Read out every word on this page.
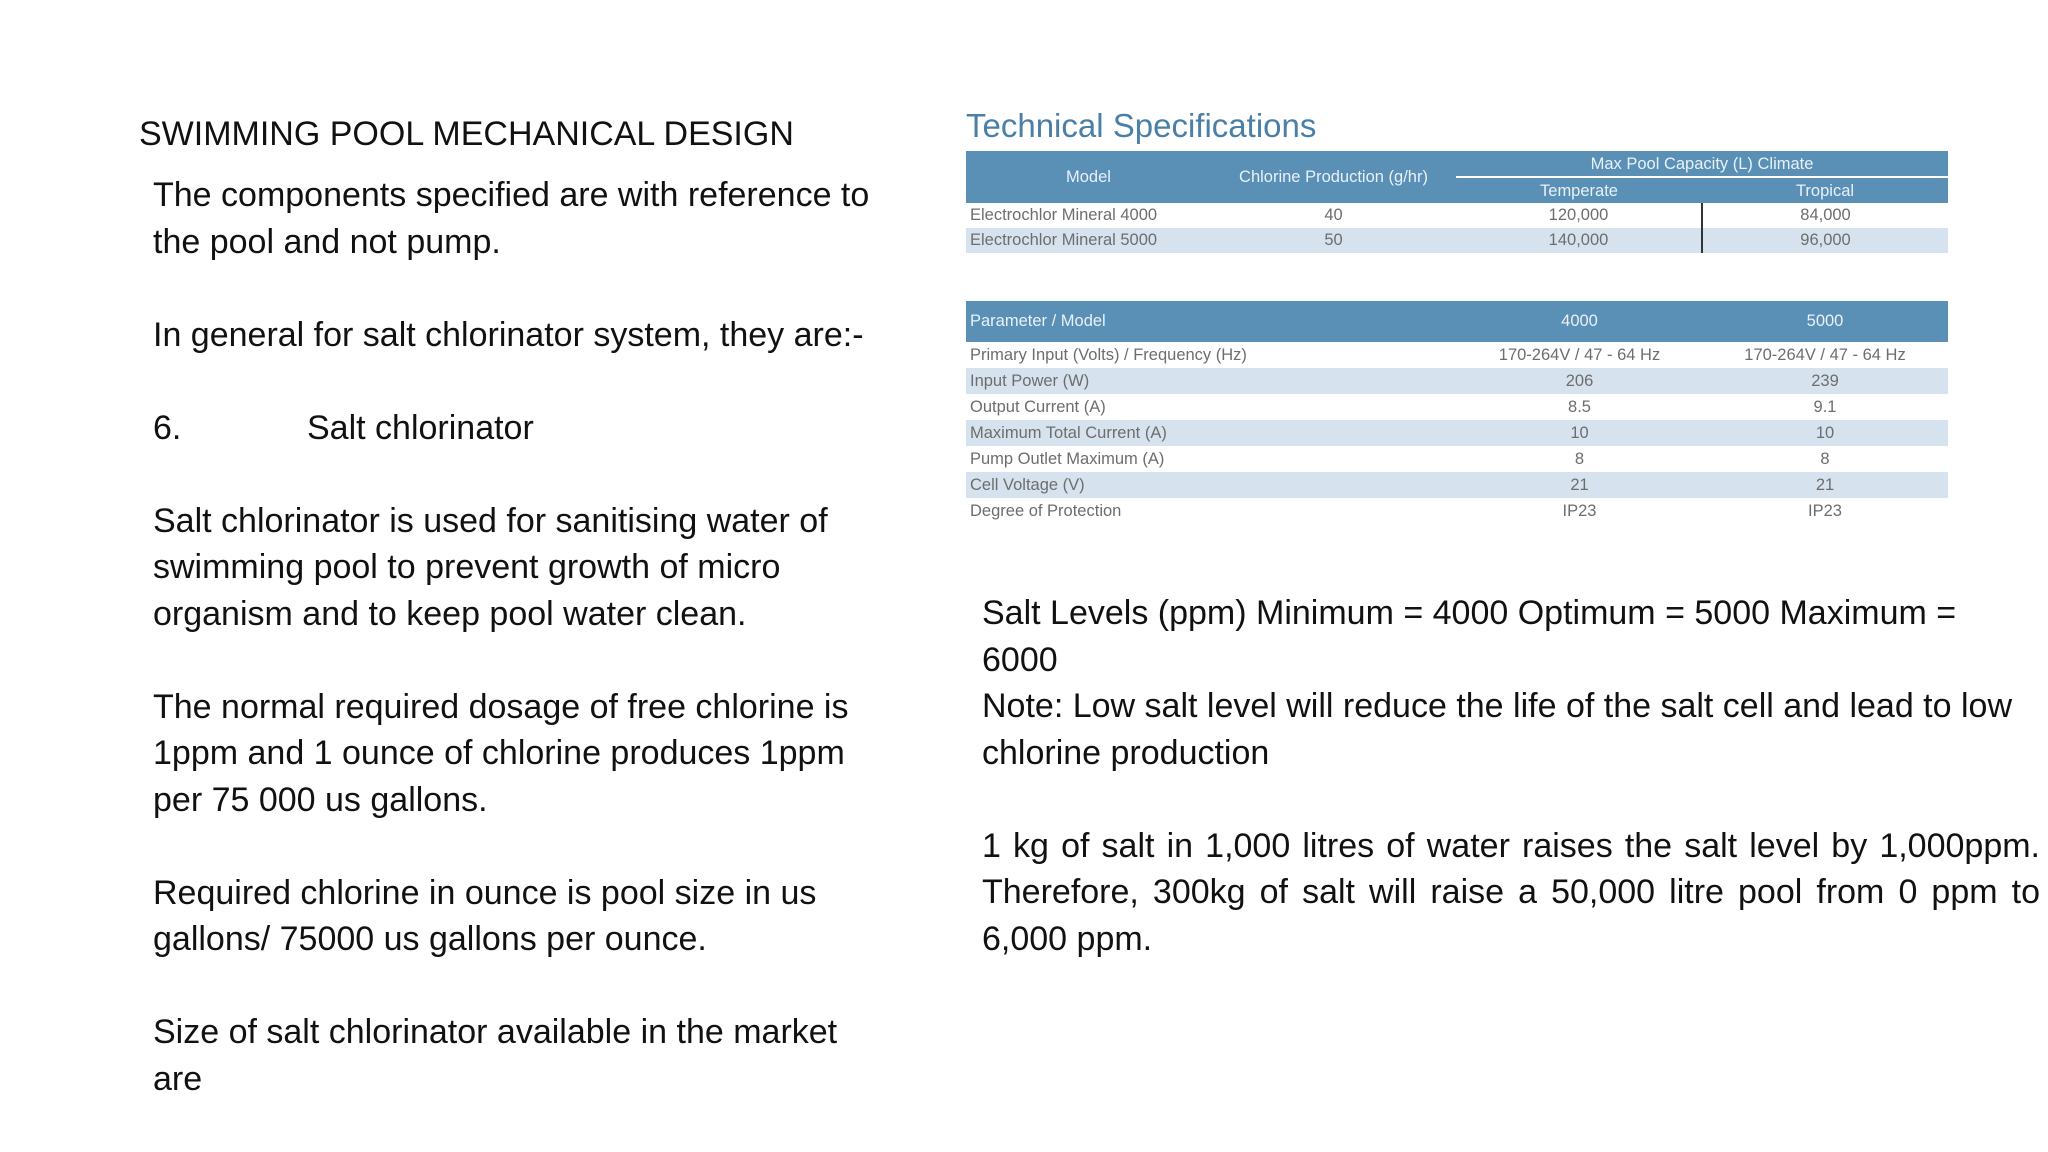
SWIMMING POOL MECHANICAL DESIGN

The components specified are with reference to the pool and not pump.

In general for salt chlorinator system, they are:-

6.	Salt chlorinator

Salt chlorinator is used for sanitising water of swimming pool to prevent growth of micro organism and to keep pool water clean.

The normal required dosage of free chlorine is 1ppm and 1 ounce of chlorine produces 1ppm per 75 000 us gallons.

Required chlorine in ounce is pool size in us gallons/ 75000 us gallons per ounce.

Size of salt chlorinator available in the market are

Technical Specifications
Model	Chlorine Production (g/hr)	Max Pool Capacity (L) Climate	
		Temperate	Tropical
Electrochlor Mineral 4000	40	120,000	84,000
Electrochlor Mineral 5000	50	140,000	96,000
Parameter / Model	4000	5000
Primary Input (Volts) / Frequency (Hz)	170-264V / 47 - 64 Hz	170-264V / 47 - 64 Hz
Input Power (W)	206	239
Output Current (A)	8.5	9.1
Maximum Total Current (A)	10	10
Pump Outlet Maximum (A)	8	8
Cell Voltage (V)	21	21
Degree of Protection	IP23	IP23
Salt Levels (ppm) Minimum = 4000 Optimum = 5000 Maximum = 6000

Note: Low salt level will reduce the life of the salt cell and lead to low chlorine production

1 kg of salt in 1,000 litres of water raises the salt level by 1,000ppm. Therefore, 300kg of salt will raise a 50,000 litre pool from 0 ppm to 6,000 ppm.
